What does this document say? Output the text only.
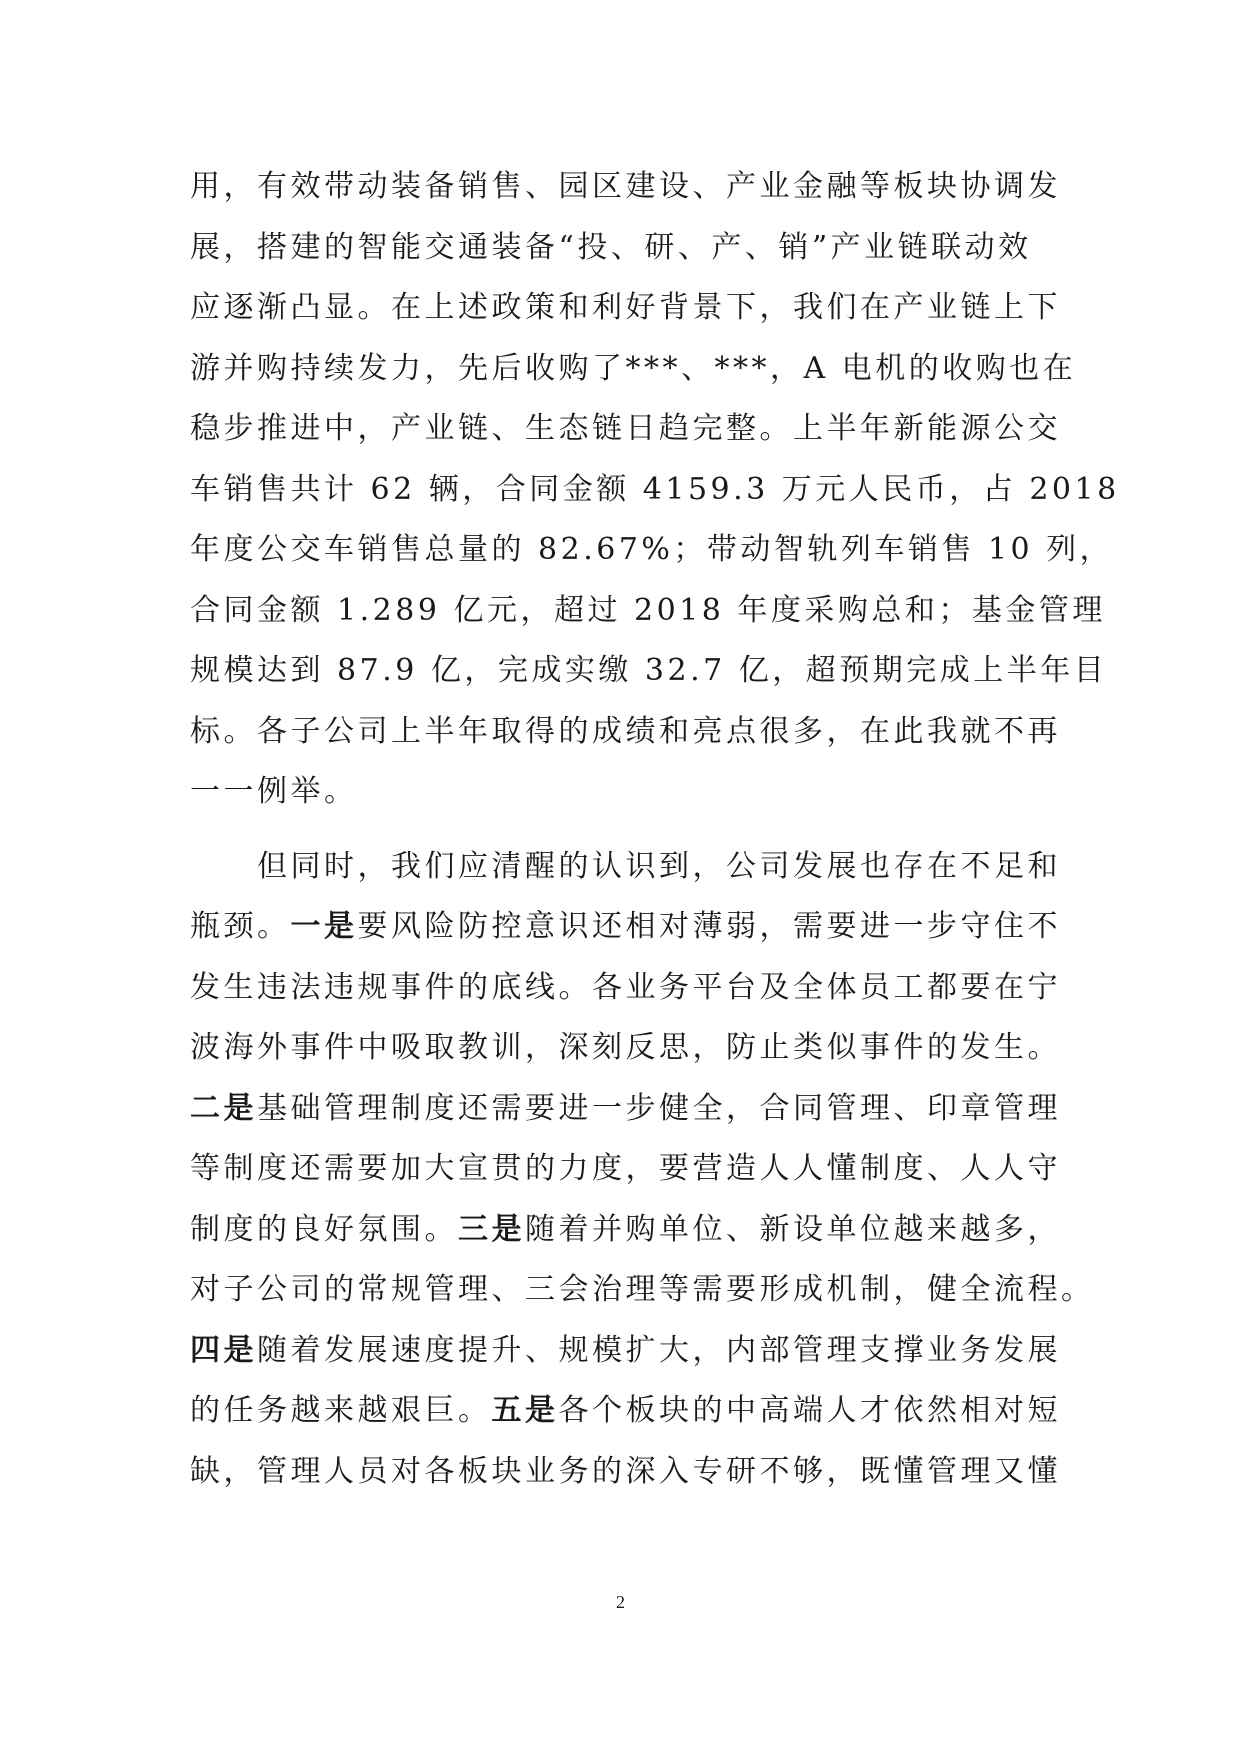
用，有效带动装备销售、园区建设、产业金融等板块协调发
展，搭建的智能交通装备“投、研、产、销”产业链联动效
应逐渐凸显。在上述政策和利好背景下，我们在产业链上下
游并购持续发力，先后收购了***、***，A 电机的收购也在
稳步推进中，产业链、生态链日趋完整。上半年新能源公交
车销售共计 62 辆，合同金额 4159.3 万元人民币，占 2018
年度公交车销售总量的 82.67%；带动智轨列车销售 10 列，
合同金额 1.289 亿元，超过 2018 年度采购总和；基金管理
规模达到 87.9 亿，完成实缴 32.7 亿，超预期完成上半年目
标。各子公司上半年取得的成绩和亮点很多，在此我就不再
一一例举。
但同时，我们应清醒的认识到，公司发展也存在不足和
瓶颈。一是要风险防控意识还相对薄弱，需要进一步守住不
发生违法违规事件的底线。各业务平台及全体员工都要在宁
波海外事件中吸取教训，深刻反思，防止类似事件的发生。
二是基础管理制度还需要进一步健全，合同管理、印章管理
等制度还需要加大宣贯的力度，要营造人人懂制度、人人守
制度的良好氛围。三是随着并购单位、新设单位越来越多，
对子公司的常规管理、三会治理等需要形成机制，健全流程。
四是随着发展速度提升、规模扩大，内部管理支撑业务发展
的任务越来越艰巨。五是各个板块的中高端人才依然相对短
缺，管理人员对各板块业务的深入专研不够，既懂管理又懂
2
